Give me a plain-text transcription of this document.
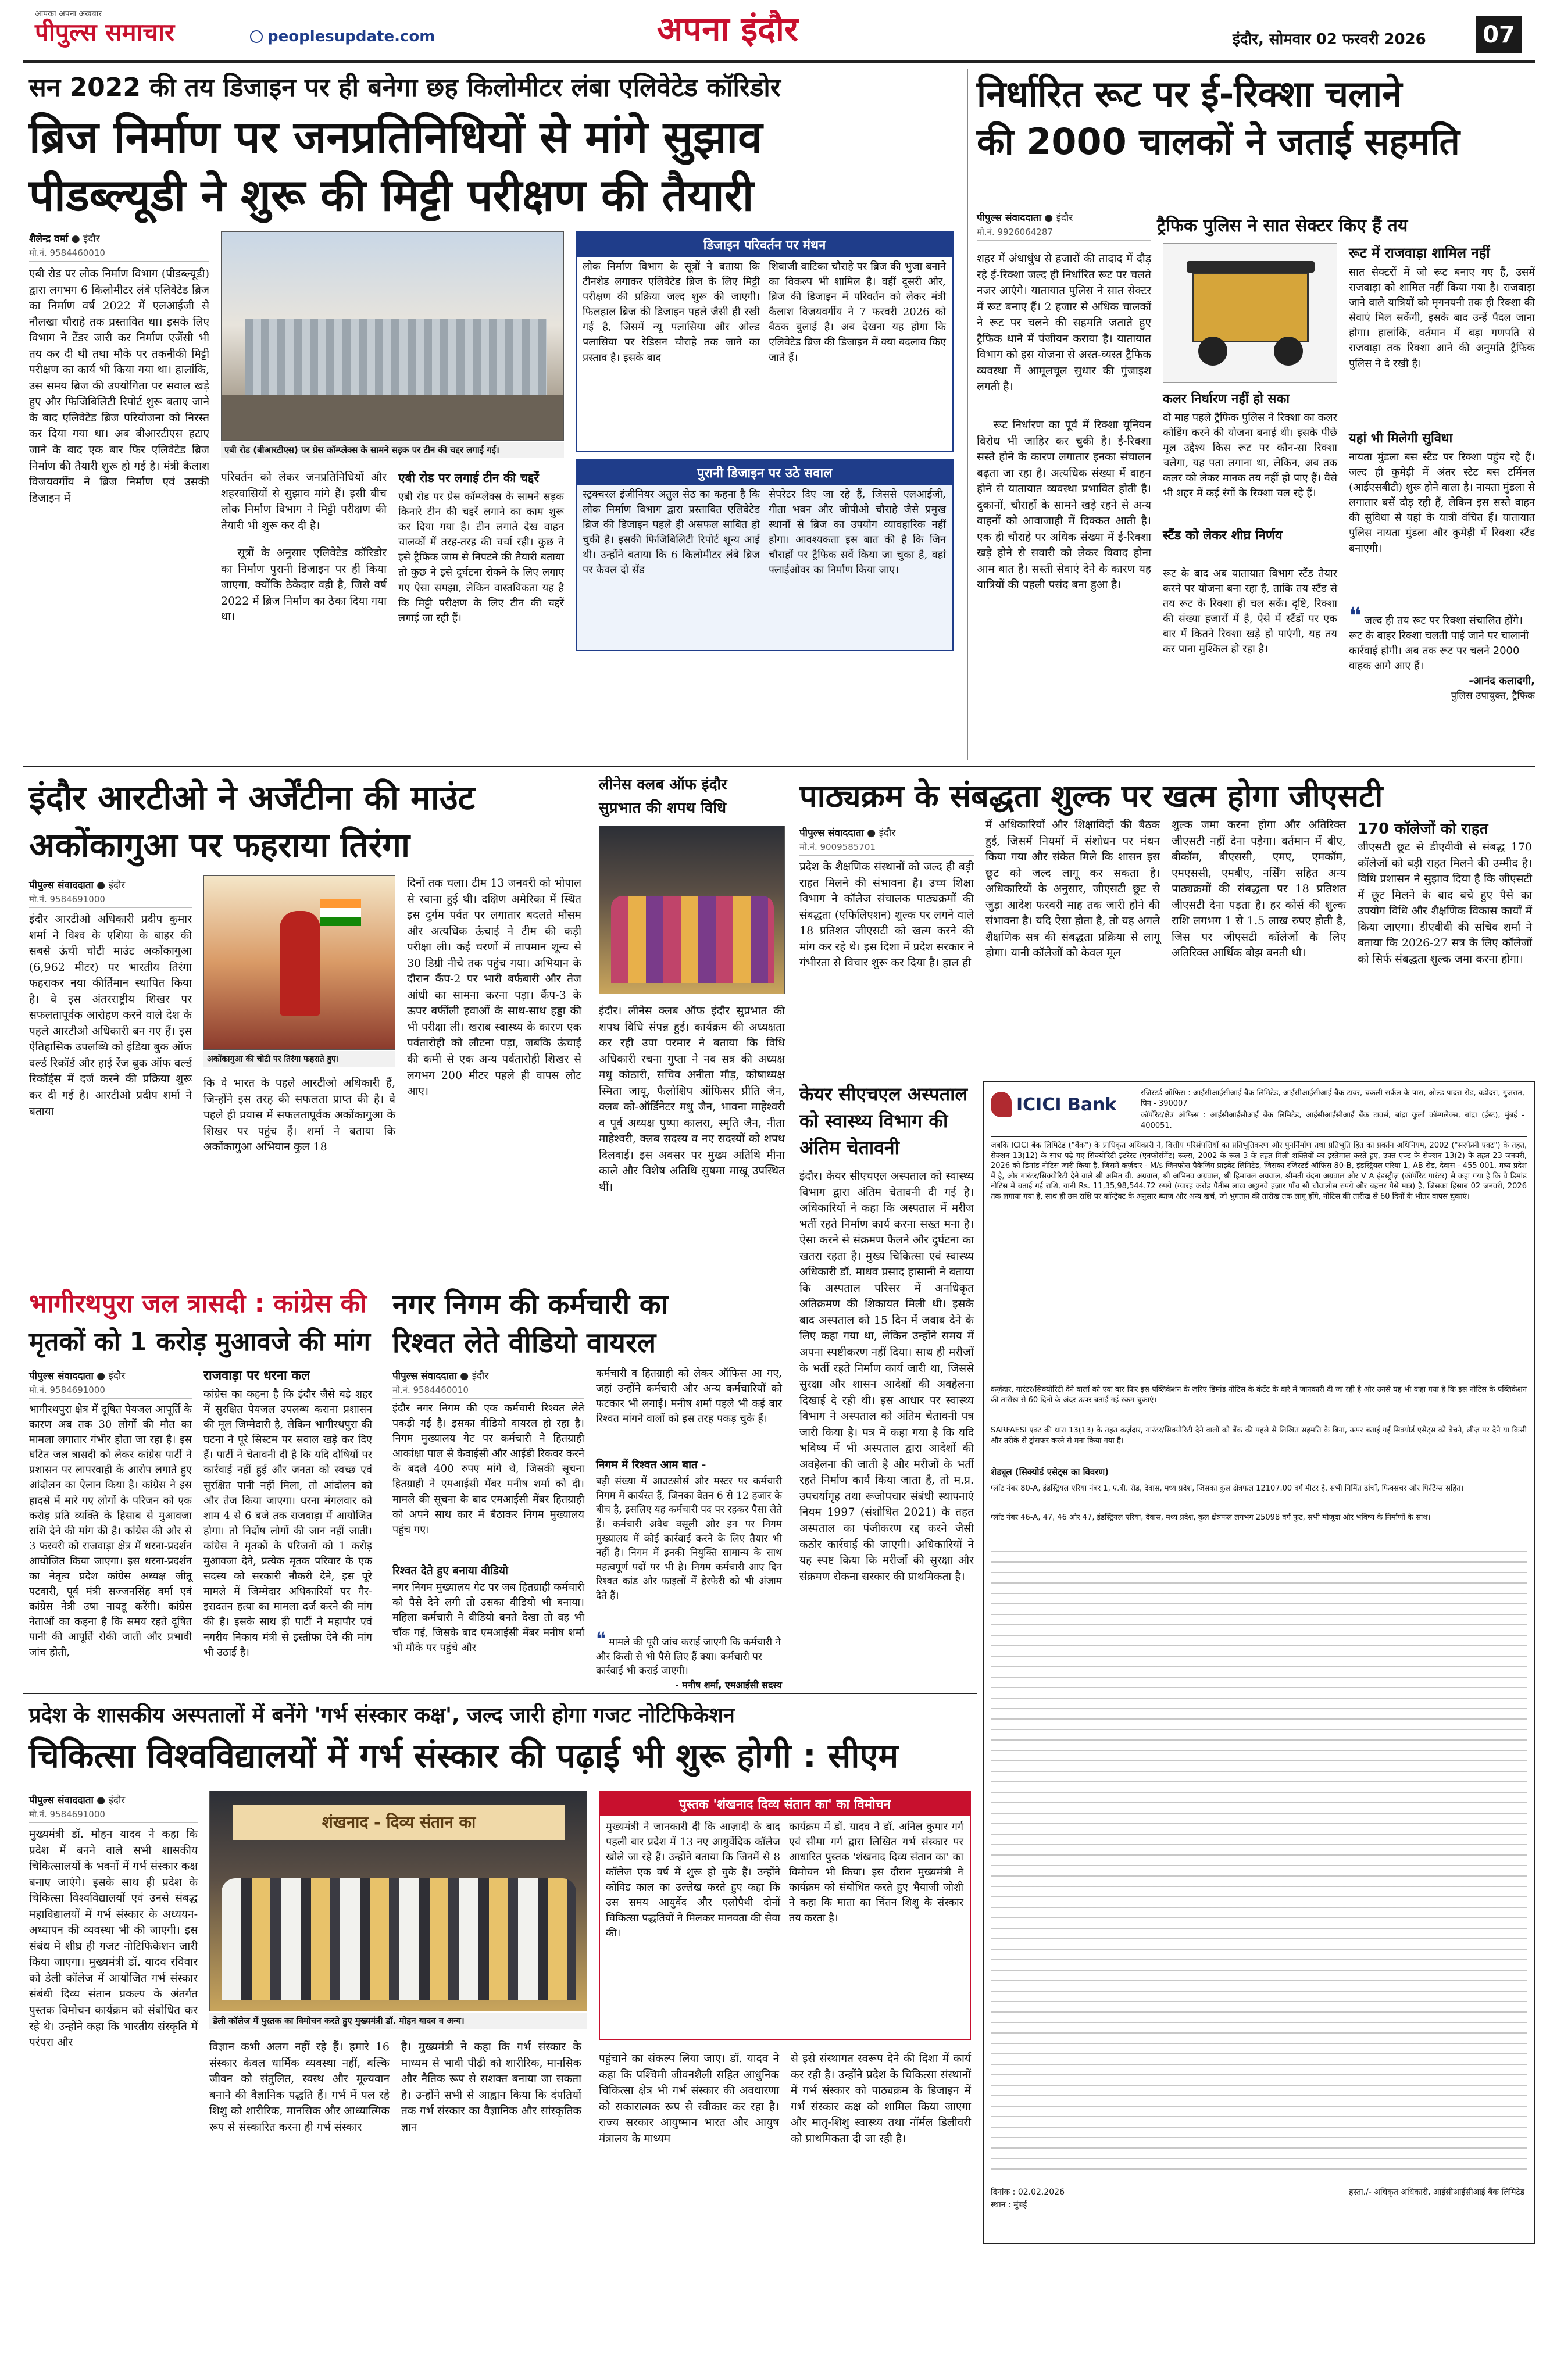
आपका अपना अखबार
पीपुल्स समाचार	peoplesupdate.com	अपना इंदौर	इंदौर, सोमवार 02 फरवरी 2026	07
सन 2022 की तय डिजाइन पर ही बनेगा छह किलोमीटर लंबा एलिवेटेड कॉरिडोर
ब्रिज निर्माण पर जनप्रतिनिधियों से मांगे सुझाव
पीडब्ल्यूडी ने शुरू की मिट्टी परीक्षण की तैयारी
शैलेन्द्र वर्मा ● इंदौर
मो.नं. 9584460010
एबी रोड पर लोक निर्माण विभाग (पीडब्ल्यूडी) द्वारा लगभग 6 किलोमीटर लंबे एलिवेटेड ब्रिज का निर्माण वर्ष 2022 में एलआईजी से नौलखा चौराहे तक प्रस्तावित था। इसके लिए विभाग ने टेंडर जारी कर निर्माण एजेंसी भी तय कर दी थी तथा मौके पर तकनीकी मिट्टी परीक्षण का कार्य भी किया गया था। हालांकि, उस समय ब्रिज की उपयोगिता पर सवाल खड़े हुए और फिजिबिलिटी रिपोर्ट शुरू बताए जाने के बाद एलिवेटेड ब्रिज परियोजना को निरस्त कर दिया गया था। अब बीआरटीएस हटाए जाने के बाद एक बार फिर एलिवेटेड ब्रिज निर्माण की तैयारी शुरू हो गई है। मंत्री कैलाश विजयवर्गीय ने ब्रिज निर्माण एवं उसकी डिजाइन में
एबी रोड (बीआरटीएस) पर प्रेस कॉम्प्लेक्स के सामने सड़क पर टीन की चद्दर लगाई गई।
परिवर्तन को लेकर जनप्रतिनिधियों और शहरवासियों से सुझाव मांगे हैं। इसी बीच लोक निर्माण विभाग ने मिट्टी परीक्षण की तैयारी भी शुरू कर दी है।
सूत्रों के अनुसार एलिवेटेड कॉरिडोर का निर्माण पुरानी डिजाइन पर ही किया जाएगा, क्योंकि ठेकेदार वही है, जिसे वर्ष 2022 में ब्रिज निर्माण का ठेका दिया गया था।
एबी रोड पर लगाई टीन की चद्दरें
एबी रोड पर प्रेस कॉम्प्लेक्स के सामने सड़क किनारे टीन की चद्दरें लगाने का काम शुरू कर दिया गया है। टीन लगाते देख वाहन चालकों में तरह-तरह की चर्चा रही। कुछ ने इसे ट्रैफिक जाम से निपटने की तैयारी बताया तो कुछ ने इसे दुर्घटना रोकने के लिए लगाए गए ऐसा समझा, लेकिन वास्तविकता यह है कि मिट्टी परीक्षण के लिए टीन की चद्दरें लगाई जा रही हैं।
डिजाइन परिवर्तन पर मंथन
लोक निर्माण विभाग के सूत्रों ने बताया कि टीनशेड लगाकर एलिवेटेड ब्रिज के लिए मिट्टी परीक्षण की प्रक्रिया जल्द शुरू की जाएगी। फिलहाल ब्रिज की डिजाइन पहले जैसी ही रखी गई है, जिसमें न्यू पलासिया और ओल्ड पलासिया पर रेडिसन चौराहे तक जाने का प्रस्ताव है। इसके बाद
शिवाजी वाटिका चौराहे पर ब्रिज की भुजा बनाने का विकल्प भी शामिल है। वहीं दूसरी ओर, ब्रिज की डिजाइन में परिवर्तन को लेकर मंत्री कैलाश विजयवर्गीय ने 7 फरवरी 2026 को बैठक बुलाई है। अब देखना यह होगा कि एलिवेटेड ब्रिज की डिजाइन में क्या बदलाव किए जाते हैं।
पुरानी डिजाइन पर उठे सवाल
स्ट्रक्चरल इंजीनियर अतुल सेठ का कहना है कि लोक निर्माण विभाग द्वारा प्रस्तावित एलिवेटेड ब्रिज की डिजाइन पहले ही असफल साबित हो चुकी है। इसकी फिजिबिलिटी रिपोर्ट शून्य आई थी। उन्होंने बताया कि 6 किलोमीटर लंबे ब्रिज पर केवल दो सेंड
सेपरेटर दिए जा रहे हैं, जिससे एलआईजी, गीता भवन और जीपीओ चौराहे जैसे प्रमुख स्थानों से ब्रिज का उपयोग व्यावहारिक नहीं होगा। आवश्यकता इस बात की है कि जिन चौराहों पर ट्रैफिक सर्वे किया जा चुका है, वहां फ्लाईओवर का निर्माण किया जाए।
निर्धारित रूट पर ई-रिक्शा चलाने
की 2000 चालकों ने जताई सहमति
पीपुल्स संवाददाता ● इंदौर
मो.नं. 9926064287	ट्रैफिक पुलिस ने सात सेक्टर किए हैं तय
शहर में अंधाधुंध से हजारों की तादाद में दौड़ रहे ई-रिक्शा जल्द ही निर्धारित रूट पर चलते नजर आएंगे। यातायात पुलिस ने सात सेक्टर में रूट बनाए हैं। 2 हजार से अधिक चालकों ने रूट पर चलने की सहमति जताते हुए ट्रैफिक थाने में पंजीयन कराया है। यातायात विभाग को इस योजना से अस्त-व्यस्त ट्रैफिक व्यवस्था में आमूलचूल सुधार की गुंजाइश लगती है।
रूट निर्धारण का पूर्व में रिक्शा यूनियन विरोध भी जाहिर कर चुकी है। ई-रिक्शा सस्ते होने के कारण लगातार इनका संचालन बढ़ता जा रहा है। अत्यधिक संख्या में वाहन होने से यातायात व्यवस्था प्रभावित होती है। दुकानों, चौराहों के सामने खड़े रहने से अन्य वाहनों को आवाजाही में दिक्कत आती है। एक ही चौराहे पर अधिक संख्या में ई-रिक्शा खड़े होने से सवारी को लेकर विवाद होना आम बात है। सस्ती सेवाएं देने के कारण यह यात्रियों की पहली पसंद बना हुआ है।
कलर निर्धारण नहीं हो सका
दो माह पहले ट्रैफिक पुलिस ने रिक्शा का कलर कोडिंग करने की योजना बनाई थी। इसके पीछे मूल उद्देश्य किस रूट पर कौन-सा रिक्शा चलेगा, यह पता लगाना था, लेकिन, अब तक कलर को लेकर मानक तय नहीं हो पाए हैं। वैसे भी शहर में कई रंगों के रिक्शा चल रहे हैं।
स्टैंड को लेकर शीघ्र निर्णय
रूट के बाद अब यातायात विभाग स्टैंड तैयार करने पर योजना बना रहा है, ताकि तय स्टैंड से तय रूट के रिक्शा ही चल सकें। दृष्टि, रिक्शा की संख्या हजारों में है, ऐसे में स्टैंडों पर एक बार में कितने रिक्शा खड़े हो पाएंगी, यह तय कर पाना मुश्किल हो रहा है।
रूट में राजवाड़ा शामिल नहीं
सात सेक्टरों में जो रूट बनाए गए हैं, उसमें राजवाड़ा को शामिल नहीं किया गया है। राजवाड़ा जाने वाले यात्रियों को मृगनयनी तक ही रिक्शा की सेवाएं मिल सकेंगी, इसके बाद उन्हें पैदल जाना होगा। हालांकि, वर्तमान में बड़ा गणपति से राजवाड़ा तक रिक्शा आने की अनुमति ट्रैफिक पुलिस ने दे रखी है।
यहां भी मिलेगी सुविधा
नायता मुंडला बस स्टैंड पर रिक्शा पहुंच रहे हैं। जल्द ही कुमेड़ी में अंतर स्टेट बस टर्मिनल (आईएसबीटी) शुरू होने वाला है। नायता मुंडला से लगातार बसें दौड़ रही हैं, लेकिन इस सस्ते वाहन की सुविधा से यहां के यात्री वंचित हैं। यातायात पुलिस नायता मुंडला और कुमेड़ी में रिक्शा स्टैंड बनाएगी।
❝ जल्द ही तय रूट पर रिक्शा संचालित होंगे। रूट के बाहर रिक्शा चलती पाई जाने पर चालानी कार्रवाई होगी। अब तक रूट पर चलने 2000 वाहक आगे आए हैं।
-आनंद कलादगी,
पुलिस उपायुक्त, ट्रैफिक
इंदौर आरटीओ ने अर्जेंटीना की माउंट
अकोंकागुआ पर फहराया तिरंगा
पीपुल्स संवाददाता ● इंदौर
मो.नं. 9584691000
इंदौर आरटीओ अधिकारी प्रदीप कुमार शर्मा ने विश्व के एशिया के बाहर की सबसे ऊंची चोटी माउंट अकोंकागुआ (6,962 मीटर) पर भारतीय तिरंगा फहराकर नया कीर्तिमान स्थापित किया है। वे इस अंतरराष्ट्रीय शिखर पर सफलतापूर्वक आरोहण करने वाले देश के पहले आरटीओ अधिकारी बन गए हैं। इस ऐतिहासिक उपलब्धि को इंडिया बुक ऑफ वर्ल्ड रिकॉर्ड और हाई रेंज बुक ऑफ वर्ल्ड रिकॉर्ड्स में दर्ज करने की प्रक्रिया शुरू कर दी गई है। आरटीओ प्रदीप शर्मा ने बताया
अकोंकागुआ की चोटी पर तिरंगा फहराते हुए।
कि वे भारत के पहले आरटीओ अधिकारी हैं, जिन्होंने इस तरह की सफलता प्राप्त की है। वे पहले ही प्रयास में सफलतापूर्वक अकोंकागुआ के शिखर पर पहुंच हैं। शर्मा ने बताया कि अकोंकागुआ अभियान कुल 18
दिनों तक चला। टीम 13 जनवरी को भोपाल से रवाना हुई थी। दक्षिण अमेरिका में स्थित इस दुर्गम पर्वत पर लगातार बदलते मौसम और अत्यधिक ऊंचाई ने टीम की कड़ी परीक्षा ली। कई चरणों में तापमान शून्य से 30 डिग्री नीचे तक पहुंच गया। अभियान के दौरान कैंप-2 पर भारी बर्फबारी और तेज आंधी का सामना करना पड़ा। कैंप-3 के ऊपर बर्फीली हवाओं के साथ-साथ हड्डा की भी परीक्षा ली। खराब स्वास्थ्य के कारण एक पर्वतारोही को लौटना पड़ा, जबकि ऊंचाई की कमी से एक अन्य पर्वतारोही शिखर से लगभग 200 मीटर पहले ही वापस लौट आए।
लीनेस क्लब ऑफ इंदौर
सुप्रभात की शपथ विधि
इंदौर। लीनेस क्लब ऑफ इंदौर सुप्रभात की शपथ विधि संपन्न हुई। कार्यक्रम की अध्यक्षता कर रही उपा परमार ने बताया कि विधि अधिकारी रचना गुप्ता ने नव सत्र की अध्यक्ष मधु कोठारी, सचिव अनीता मौड़, कोषाध्यक्ष स्मिता जायू, फैलोशिप ऑफिसर प्रीति जैन, क्लब को-ऑर्डिनेटर मधु जैन, भावना माहेश्वरी व पूर्व अध्यक्ष पुष्पा कालरा, स्मृति जैन, नीता माहेश्वरी, क्लब सदस्य व नए सदस्यों को शपथ दिलवाई। इस अवसर पर मुख्य अतिथि मीना काले और विशेष अतिथि सुषमा माखू उपस्थित थीं।
पाठ्यक्रम के संबद्धता शुल्क पर खत्म होगा जीएसटी
पीपुल्स संवाददाता ● इंदौर
मो.नं. 9009585701
प्रदेश के शैक्षणिक संस्थानों को जल्द ही बड़ी राहत मिलने की संभावना है। उच्च शिक्षा विभाग ने कॉलेज संचालक पाठ्यक्रमों की संबद्धता (एफिलिएशन) शुल्क पर लगने वाले 18 प्रतिशत जीएसटी को खत्म करने की मांग कर रहे थे। इस दिशा में प्रदेश सरकार ने गंभीरता से विचार शुरू कर दिया है। हाल ही
में अधिकारियों और शिक्षाविदों की बैठक हुई, जिसमें नियमों में संशोधन पर मंथन किया गया और संकेत मिले कि शासन इस छूट को जल्द लागू कर सकता है। अधिकारियों के अनुसार, जीएसटी छूट से जुड़ा आदेश फरवरी माह तक जारी होने की संभावना है। यदि ऐसा होता है, तो यह अगले शैक्षणिक सत्र की संबद्धता प्रक्रिया से लागू होगा। यानी कॉलेजों को केवल मूल
शुल्क जमा करना होगा और अतिरिक्त जीएसटी नहीं देना पड़ेगा। वर्तमान में बीए, बीकॉम, बीएससी, एमए, एमकॉम, एमएससी, एमबीए, नर्सिंग सहित अन्य पाठ्यक्रमों की संबद्धता पर 18 प्रतिशत जीएसटी देना पड़ता है। हर कोर्स की शुल्क राशि लगभग 1 से 1.5 लाख रुपए होती है, जिस पर जीएसटी कॉलेजों के लिए अतिरिक्त आर्थिक बोझ बनती थी।
170 कॉलेजों को राहत
जीएसटी छूट से डीएवीवी से संबद्ध 170 कॉलेजों को बड़ी राहत मिलने की उम्मीद है। विधि प्रशासन ने सुझाव दिया है कि जीएसटी में छूट मिलने के बाद बचे हुए पैसे का उपयोग विधि और शैक्षणिक विकास कार्यों में किया जाएगा। डीएवीवी की सचिव शर्मा ने बताया कि 2026-27 सत्र के लिए कॉलेजों को सिर्फ संबद्धता शुल्क जमा करना होगा।
केयर सीएचएल अस्पताल
को स्वास्थ्य विभाग की
अंतिम चेतावनी
इंदौर। केयर सीएचएल अस्पताल को स्वास्थ्य विभाग द्वारा अंतिम चेतावनी दी गई है। अधिकारियों ने कहा कि अस्पताल में मरीज भर्ती रहते निर्माण कार्य करना सख्त मना है। ऐसा करने से संक्रमण फैलने और दुर्घटना का खतरा रहता है। मुख्य चिकित्सा एवं स्वास्थ्य अधिकारी डॉ. माधव प्रसाद हासानी ने बताया कि अस्पताल परिसर में अनधिकृत अतिक्रमण की शिकायत मिली थी। इसके बाद अस्पताल को 15 दिन में जवाब देने के लिए कहा गया था, लेकिन उन्होंने समय में अपना स्पष्टीकरण नहीं दिया। साथ ही मरीजों के भर्ती रहते निर्माण कार्य जारी था, जिससे सुरक्षा और शासन आदेशों की अवहेलना दिखाई दे रही थी। इस आधार पर स्वास्थ्य विभाग ने अस्पताल को अंतिम चेतावनी पत्र जारी किया है। पत्र में कहा गया है कि यदि भविष्य में भी अस्पताल द्वारा आदेशों की अवहेलना की जाती है और मरीजों के भर्ती रहते निर्माण कार्य किया जाता है, तो म.प्र. उपचर्यागृह तथा रूजोपचार संबंधी स्थापनाएं नियम 1997 (संशोधित 2021) के तहत अस्पताल का पंजीकरण रद्द करने जैसी कठोर कार्रवाई की जाएगी। अधिकारियों ने यह स्पष्ट किया कि मरीजों की सुरक्षा और संक्रमण रोकना सरकार की प्राथमिकता है।
ICICI Bank
रजिस्टर्ड ऑफिस : आईसीआईसीआई बैंक लिमिटेड, आईसीआईसीआई बैंक टावर, चकली सर्कल के पास, ओल्ड पादरा रोड, वडोदरा, गुजरात, पिन - 390007
कॉर्पोरेट/क्षेत्र ऑफिस : आईसीआईसीआई बैंक लिमिटेड, आईसीआईसीआई बैंक टावर्स, बांद्रा कुर्ला कॉम्पलेक्स, बांद्रा (ईस्ट), मुंबई - 400051.
जबकि ICICI बैंक लिमिटेड ("बैंक") के प्राधिकृत अधिकारी ने, वित्तीय परिसंपत्तियों का प्रतिभूतिकरण और पुनर्निर्माण तथा प्रतिभूति हित का प्रवर्तन अधिनियम, 2002 ("सरफेसी एक्ट") के तहत, सेक्शन 13(12) के साथ पढ़े गए सिक्योरिटी इंटरेस्ट (एनफोर्समेंट) रूल्स, 2002 के रूल 3 के तहत मिली शक्तियों का इस्तेमाल करते हुए, उक्त एक्ट के सेक्शन 13(2) के तहत 23 जनवरी, 2026 को डिमांड नोटिस जारी किया है, जिसमें कर्ज़दार - M/s जिनफोस पैकेजिंग प्राइवेट लिमिटेड, जिसका रजिस्टर्ड ऑफिस 80-B, इंडस्ट्रियल एरिया 1, AB रोड, देवास - 455 001, मध्य प्रदेश में है, और गारंटर/सिक्योरिटी देने वाले श्री अमित बी. अग्रवाल, श्री अभिनव अग्रवाल, श्री हिमाचल अग्रवाल, श्रीमती वंदना अग्रवाल और V A इंडस्ट्रीज़ (कॉर्पोरेट गारंटर) से कहा गया है कि वे डिमांड नोटिस में बताई गई राशि, यानी Rs. 11,35,98,544.72 रुपये (ग्यारह करोड़ पैंतीस लाख अट्ठानवे हज़ार पाँच सौ चौवालीस रुपये और बहत्तर पैसे मात्र) है, जिसका हिसाब 02 जनवरी, 2026 तक लगाया गया है, साथ ही उस राशि पर कॉन्ट्रैक्ट के अनुसार ब्याज और अन्य खर्च, जो भुगतान की तारीख तक लागू होंगे, नोटिस की तारीख से 60 दिनों के भीतर वापस चुकाएं।
कर्ज़दार, गारंटर/सिक्योरिटी देने वालों को एक बार फिर इस पब्लिकेशन के ज़रिए डिमांड नोटिस के कंटेंट के बारे में जानकारी दी जा रही है और उनसे यह भी कहा गया है कि इस नोटिस के पब्लिकेशन की तारीख से 60 दिनों के अंदर ऊपर बताई गई रकम चुकाएं।
SARFAESI एक्ट की धारा 13(13) के तहत कर्ज़दार, गारंटर/सिक्योरिटी देने वालों को बैंक की पहले से लिखित सहमति के बिना, ऊपर बताई गई सिक्योर्ड एसेट्स को बेचने, लीज़ पर देने या किसी और तरीके से ट्रांसफर करने से मना किया गया है।
शेड्यूल (सिक्योर्ड एसेट्स का विवरण)
प्लॉट नंबर 80-A, इंडस्ट्रियल एरिया नंबर 1, ए.बी. रोड, देवास, मध्य प्रदेश, जिसका कुल क्षेत्रफल 12107.00 वर्ग मीटर है, सभी निर्मित ढांचों, फिक्सचर और फिटिंग्स सहित।
प्लॉट नंबर 46-A, 47, 46 और 47, इंडस्ट्रियल एरिया, देवास, मध्य प्रदेश, कुल क्षेत्रफल लगभग 25098 वर्ग फुट, सभी मौजूदा और भविष्य के निर्माणों के साथ।
दिनांक : 02.02.2026
स्थान : मुंबई
हस्ता./- अधिकृत अधिकारी, आईसीआईसीआई बैंक लिमिटेड
भागीरथपुरा जल त्रासदी : कांग्रेस की
मृतकों को 1 करोड़ मुआवजे की मांग
पीपुल्स संवाददाता ● इंदौर
मो.नं. 9584691000
भागीरथपुरा क्षेत्र में दूषित पेयजल आपूर्ति के कारण अब तक 30 लोगों की मौत का मामला लगातार गंभीर होता जा रहा है। इस घटित जल त्रासदी को लेकर कांग्रेस पार्टी ने प्रशासन पर लापरवाही के आरोप लगाते हुए आंदोलन का ऐलान किया है। कांग्रेस ने इस हादसे में मारे गए लोगों के परिजन को एक करोड़ प्रति व्यक्ति के हिसाब से मुआवजा राशि देने की मांग की है। कांग्रेस की ओर से 3 फरवरी को राजवाड़ा क्षेत्र में धरना-प्रदर्शन आयोजित किया जाएगा। इस धरना-प्रदर्शन का नेतृत्व प्रदेश कांग्रेस अध्यक्ष जीतू पटवारी, पूर्व मंत्री सज्जनसिंह वर्मा एवं कांग्रेस नेत्री उषा नायडू करेंगी। कांग्रेस नेताओं का कहना है कि समय रहते दूषित पानी की आपूर्ति रोकी जाती और प्रभावी जांच होती,
राजवाड़ा पर धरना कल
कांग्रेस का कहना है कि इंदौर जैसे बड़े शहर में सुरक्षित पेयजल उपलब्ध कराना प्रशासन की मूल जिम्मेदारी है, लेकिन भागीरथपुरा की घटना ने पूरे सिस्टम पर सवाल खड़े कर दिए हैं। पार्टी ने चेतावनी दी है कि यदि दोषियों पर कार्रवाई नहीं हुई और जनता को स्वच्छ एवं सुरक्षित पानी नहीं मिला, तो आंदोलन को और तेज किया जाएगा। धरना मंगलवार को शाम 4 से 6 बजे तक राजवाड़ा में आयोजित होगा। तो निर्दोष लोगों की जान नहीं जाती। कांग्रेस ने मृतकों के परिजनों को 1 करोड़ मुआवजा देने, प्रत्येक मृतक परिवार के एक सदस्य को सरकारी नौकरी देने, इस पूरे मामले में जिम्मेदार अधिकारियों पर गैर-इरादतन हत्या का मामला दर्ज करने की मांग की है। इसके साथ ही पार्टी ने महापौर एवं नगरीय निकाय मंत्री से इस्तीफा देने की मांग भी उठाई है।
नगर निगम की कर्मचारी का
रिश्वत लेते वीडियो वायरल
पीपुल्स संवाददाता ● इंदौर
मो.नं. 9584460010
इंदौर नगर निगम की एक कर्मचारी रिश्वत लेते पकड़ी गई है। इसका वीडियो वायरल हो रहा है। निगम मुख्यालय गेट पर कर्मचारी ने हितग्राही आकांक्षा पाल से केवाईसी और आईडी रिकवर करने के बदले 400 रुपए मांगे थे, जिसकी सूचना हितग्राही ने एमआईसी मेंबर मनीष शर्मा को दी। मामले की सूचना के बाद एमआईसी मेंबर हितग्राही को अपने साथ कार में बैठाकर निगम मुख्यालय पहुंच गए।
रिश्वत देते हुए बनाया वीडियो
नगर निगम मुख्यालय गेट पर जब हितग्राही कर्मचारी को पैसे देने लगी तो उसका वीडियो भी बनाया। महिला कर्मचारी ने वीडियो बनते देखा तो वह भी चौंक गई, जिसके बाद एमआईसी मेंबर मनीष शर्मा भी मौके पर पहुंचे और
कर्मचारी व हितग्राही को लेकर ऑफिस आ गए, जहां उन्होंने कर्मचारी और अन्य कर्मचारियों को फटकार भी लगाई। मनीष शर्मा पहले भी कई बार रिश्वत मांगने वालों को इस तरह पकड़ चुके हैं।
निगम में रिश्वत आम बात -
बड़ी संख्या में आउटसोर्स और मस्टर पर कर्मचारी निगम में कार्यरत हैं, जिनका वेतन 6 से 12 हजार के बीच है, इसलिए यह कर्मचारी पद पर रहकर पैसा लेते हैं। कर्मचारी अवैध वसूली और इन पर निगम मुख्यालय में कोई कार्रवाई करने के लिए तैयार भी नहीं है। निगम में इनकी नियुक्ति सामान्य के साथ महत्वपूर्ण पदों पर भी है। निगम कर्मचारी आए दिन रिश्वत कांड और फाइलों में हेरफेरी को भी अंजाम देते हैं।
❝ मामले की पूरी जांच कराई जाएगी कि कर्मचारी ने और किसी से भी पैसे लिए हैं क्या। कर्मचारी पर कार्रवाई भी कराई जाएगी।
- मनीष शर्मा, एमआईसी सदस्य
प्रदेश के शासकीय अस्पतालों में बनेंगे 'गर्भ संस्कार कक्ष', जल्द जारी होगा गजट नोटिफिकेशन
चिकित्सा विश्वविद्यालयों में गर्भ संस्कार की पढ़ाई भी शुरू होगी : सीएम
पीपुल्स संवाददाता ● इंदौर
मो.नं. 9584691000
मुख्यमंत्री डॉ. मोहन यादव ने कहा कि प्रदेश में बनने वाले सभी शासकीय चिकित्सालयों के भवनों में गर्भ संस्कार कक्ष बनाए जाएंगे। इसके साथ ही प्रदेश के चिकित्सा विश्वविद्यालयों एवं उनसे संबद्ध महाविद्यालयों में गर्भ संस्कार के अध्ययन-अध्यापन की व्यवस्था भी की जाएगी। इस संबंध में शीघ्र ही गजट नोटिफिकेशन जारी किया जाएगा। मुख्यमंत्री डॉ. यादव रविवार को डेली कॉलेज में आयोजित गर्भ संस्कार संबंधी दिव्य संतान प्रकल्प के अंतर्गत पुस्तक विमोचन कार्यक्रम को संबोधित कर रहे थे। उन्होंने कहा कि भारतीय संस्कृति में परंपरा और
शंखनाद - दिव्य संतान का
डेली कॉलेज में पुस्तक का विमोचन करते हुए मुख्यमंत्री डॉ. मोहन यादव व अन्य।
विज्ञान कभी अलग नहीं रहे हैं। हमारे 16 संस्कार केवल धार्मिक व्यवस्था नहीं, बल्कि जीवन को संतुलित, स्वस्थ और मूल्यवान बनाने की वैज्ञानिक पद्धति हैं। गर्भ में पल रहे शिशु को शारीरिक, मानसिक और आध्यात्मिक रूप से संस्कारित करना ही गर्भ संस्कार
है। मुख्यमंत्री ने कहा कि गर्भ संस्कार के माध्यम से भावी पीढ़ी को शारीरिक, मानसिक और नैतिक रूप से सशक्त बनाया जा सकता है। उन्होंने सभी से आह्वान किया कि दंपतियों तक गर्भ संस्कार का वैज्ञानिक और सांस्कृतिक ज्ञान
पुस्तक 'शंखनाद दिव्य संतान का' का विमोचन
मुख्यमंत्री ने जानकारी दी कि आज़ादी के बाद पहली बार प्रदेश में 13 नए आयुर्वेदिक कॉलेज खोले जा रहे हैं। उन्होंने बताया कि जिनमें से 8 कॉलेज एक वर्ष में शुरू हो चुके हैं। उन्होंने कोविड काल का उल्लेख करते हुए कहा कि उस समय आयुर्वेद और एलोपैथी दोनों चिकित्सा पद्धतियों ने मिलकर मानवता की सेवा की।
कार्यक्रम में डॉ. यादव ने डॉ. अनिल कुमार गर्ग एवं सीमा गर्ग द्वारा लिखित गर्भ संस्कार पर आधारित पुस्तक 'शंखनाद दिव्य संतान का' का विमोचन भी किया। इस दौरान मुख्यमंत्री ने कार्यक्रम को संबोधित करते हुए भैयाजी जोशी ने कहा कि माता का चिंतन शिशु के संस्कार तय करता है।
पहुंचाने का संकल्प लिया जाए। डॉ. यादव ने कहा कि पश्चिमी जीवनशैली सहित आधुनिक चिकित्सा क्षेत्र भी गर्भ संस्कार की अवधारणा को सकारात्मक रूप से स्वीकार कर रहा है। राज्य सरकार आयुष्मान भारत और आयुष मंत्रालय के माध्यम
से इसे संस्थागत स्वरूप देने की दिशा में कार्य कर रही है। उन्होंने प्रदेश के चिकित्सा संस्थानों में गर्भ संस्कार को पाठ्यक्रम के डिजाइन में गर्भ संस्कार कक्ष को शामिल किया जाएगा और मातृ-शिशु स्वास्थ्य तथा नॉर्मल डिलीवरी को प्राथमिकता दी जा रही है।
